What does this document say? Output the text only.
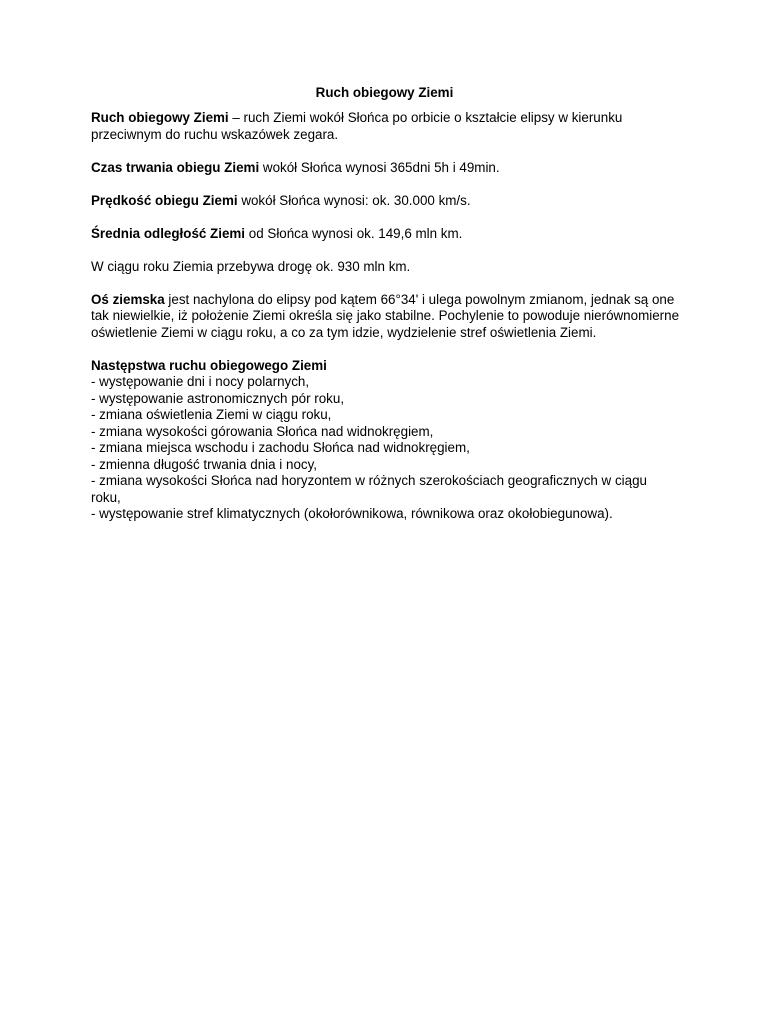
Ruch obiegowy Ziemi

Ruch obiegowy Ziemi – ruch Ziemi wokół Słońca po orbicie o kształcie elipsy w kierunku przeciwnym do ruchu wskazówek zegara.

Czas trwania obiegu Ziemi wokół Słońca wynosi 365dni 5h i 49min.

Prędkość obiegu Ziemi wokół Słońca wynosi: ok. 30.000 km/s.

Średnia odległość Ziemi od Słońca wynosi ok. 149,6 mln km.

W ciągu roku Ziemia przebywa drogę ok. 930 mln km.

Oś ziemska jest nachylona do elipsy pod kątem 66°34' i ulega powolnym zmianom, jednak są one tak niewielkie, iż położenie Ziemi określa się jako stabilne. Pochylenie to powoduje nierównomierne oświetlenie Ziemi w ciągu roku, a co za tym idzie, wydzielenie stref oświetlenia Ziemi.

Następstwa ruchu obiegowego Ziemi
- występowanie dni i nocy polarnych,
- występowanie astronomicznych pór roku,
- zmiana oświetlenia Ziemi w ciągu roku,
- zmiana wysokości górowania Słońca nad widnokręgiem,
- zmiana miejsca wschodu i zachodu Słońca nad widnokręgiem,
- zmienna długość trwania dnia i nocy,
- zmiana wysokości Słońca nad horyzontem w różnych szerokościach geograficznych w ciągu roku,
- występowanie stref klimatycznych (okołorównikowa, równikowa oraz okołobiegunowa).
